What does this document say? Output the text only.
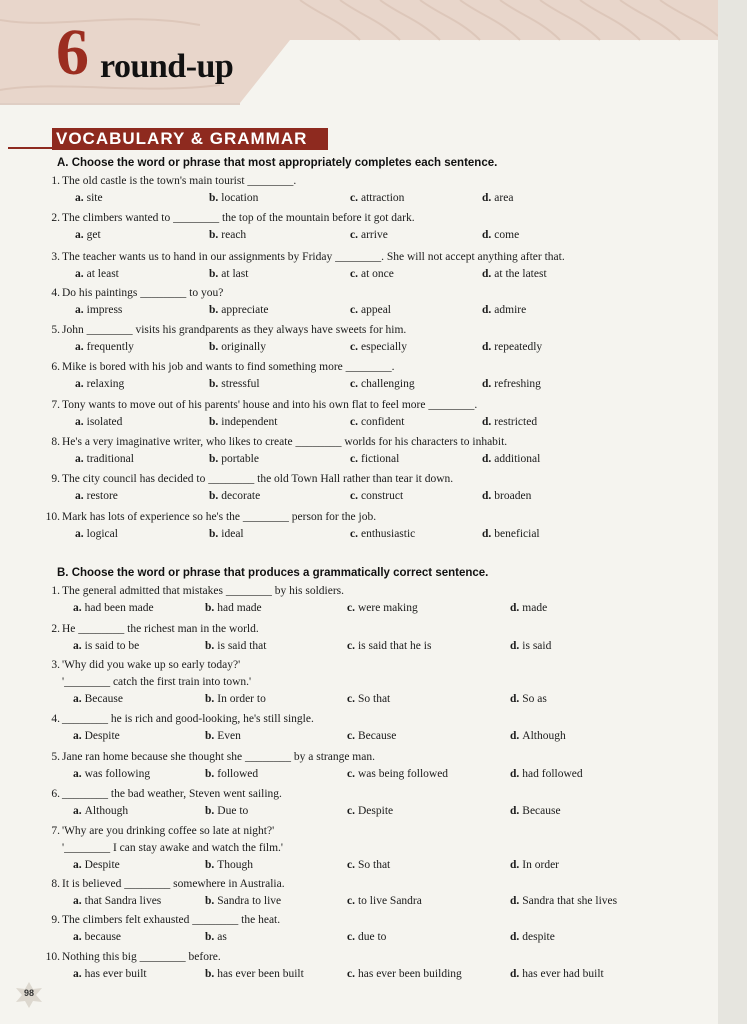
6 round-up
VOCABULARY & GRAMMAR
A. Choose the word or phrase that most appropriately completes each sentence.
1. The old castle is the town's main tourist ________.
a. site	b. location	c. attraction	d. area
2. The climbers wanted to ________ the top of the mountain before it got dark.
a. get	b. reach	c. arrive	d. come
3. The teacher wants us to hand in our assignments by Friday ________. She will not accept anything after that.
a. at least	b. at last	c. at once	d. at the latest
4. Do his paintings ________ to you?
a. impress	b. appreciate	c. appeal	d. admire
5. John ________ visits his grandparents as they always have sweets for him.
a. frequently	b. originally	c. especially	d. repeatedly
6. Mike is bored with his job and wants to find something more ________.
a. relaxing	b. stressful	c. challenging	d. refreshing
7. Tony wants to move out of his parents' house and into his own flat to feel more ________.
a. isolated	b. independent	c. confident	d. restricted
8. He's a very imaginative writer, who likes to create ________ worlds for his characters to inhabit.
a. traditional	b. portable	c. fictional	d. additional
9. The city council has decided to ________ the old Town Hall rather than tear it down.
a. restore	b. decorate	c. construct	d. broaden
10. Mark has lots of experience so he's the ________ person for the job.
a. logical	b. ideal	c. enthusiastic	d. beneficial
B. Choose the word or phrase that produces a grammatically correct sentence.
1. The general admitted that mistakes ________ by his soldiers.
a. had been made	b. had made	c. were making	d. made
2. He ________ the richest man in the world.
a. is said to be	b. is said that	c. is said that he is	d. is said
3. 'Why did you wake up so early today?'
'________ catch the first train into town.'
a. Because	b. In order to	c. So that	d. So as
4. ________ he is rich and good-looking, he's still single.
a. Despite	b. Even	c. Because	d. Although
5. Jane ran home because she thought she ________ by a strange man.
a. was following	b. followed	c. was being followed	d. had followed
6. ________ the bad weather, Steven went sailing.
a. Although	b. Due to	c. Despite	d. Because
7. 'Why are you drinking coffee so late at night?'
'________ I can stay awake and watch the film.'
a. Despite	b. Though	c. So that	d. In order
8. It is believed ________ somewhere in Australia.
a. that Sandra lives	b. Sandra to live	c. to live Sandra	d. Sandra that she lives
9. The climbers felt exhausted ________ the heat.
a. because	b. as	c. due to	d. despite
10. Nothing this big ________ before.
a. has ever built	b. has ever been built	c. has ever been building	d. has ever had built
98
